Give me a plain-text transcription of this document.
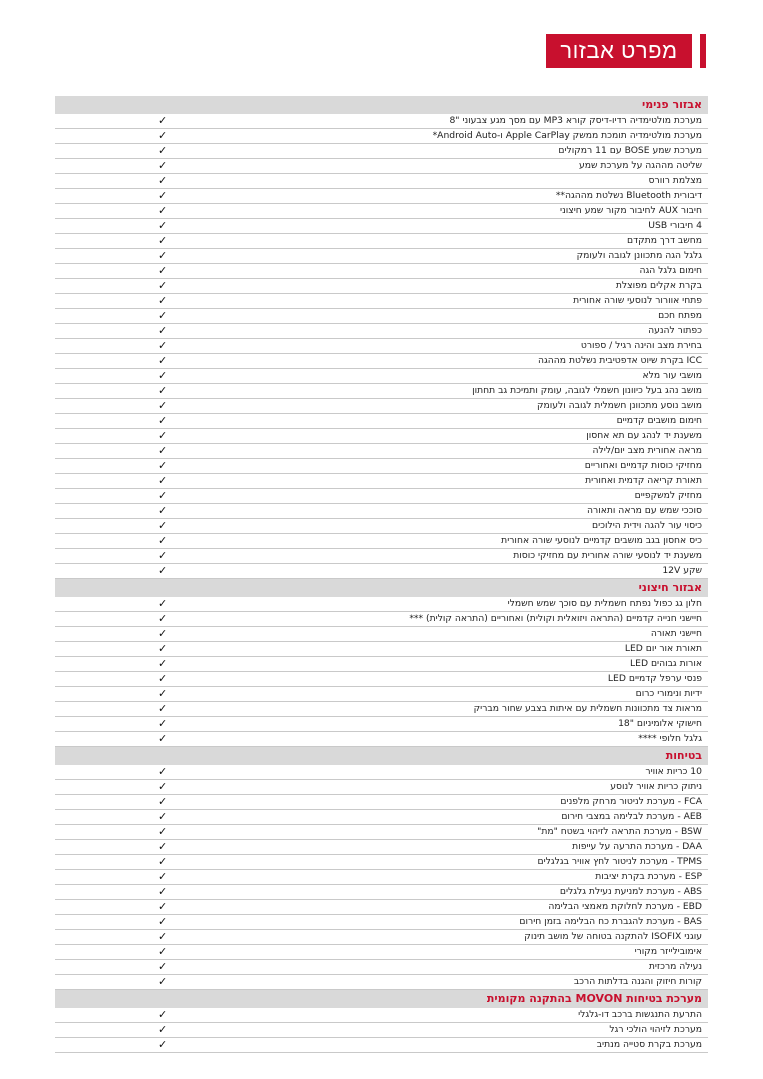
מפרט אבזור
אבזור פנימי
מערכת מולטימדיה רדיו-דיסק קורא MP3 עם מסך מגע צבעוני "8
✓
מערכת מולטימדיה תומכת ממשק Apple CarPlay ו-Android Auto*
✓
מערכת שמע BOSE עם 11 רמקולים
✓
שליטה מההגה על מערכת שמע
✓
מצלמת רוורס
✓
דיבורית Bluetooth נשלטת מההגה**
✓
חיבור AUX לחיבור מקור שמע חיצוני
✓
4 חיבורי USB
✓
מחשב דרך מתקדם
✓
גלגל הגה מתכוונן לגובה ולעומק
✓
חימום גלגל הגה
✓
בקרת אקלים מפוצלת
✓
פתחי אוורור לנוסעי שורה אחורית
✓
מפתח חכם
✓
כפתור להנעה
✓
בחירת מצב והינה רגיל / ספורט
✓
ICC בקרת שיוט אדפטיבית נשלטת מההגה
✓
מושבי עור מלא
✓
מושב נהג בעל כיוונון חשמלי לגובה, עומק ותמיכת גב תחתון
✓
מושב נוסע מתכוונן חשמלית לגובה ולעומק
✓
חימום מושבים קדמיים
✓
משענת יד לנהג עם תא אחסון
✓
מראה אחורית מצב יום/לילה
✓
מחזיקי כוסות קדמיים ואחוריים
✓
תאורת קריאה קדמית ואחורית
✓
מחזיק למשקפיים
✓
סוככי שמש עם מראה ותאורה
✓
כיסוי עור להגה וידית הילוכים
✓
כיס אחסון בגב מושבים קדמיים לנוסעי שורה אחורית
✓
משענת יד לנוסעי שורה אחורית עם מחזיקי כוסות
✓
שקע 12V
✓
אבזור חיצוני
חלון גג כפול נפתח חשמלית עם סוכך שמש חשמלי
✓
חיישני חנייה קדמיים (התראה ויזואלית וקולית) ואחוריים (התראה קולית) ***
✓
חיישני תאורה
✓
תאורת אור יום LED
✓
אורות גבוהים LED
✓
פנסי ערפל קדמיים LED
✓
ידיות ונימורי כרום
✓
מראות צד מתכוונות חשמלית עם איתות בצבע שחור מבריק
✓
חישוקי אלומיניום "18
✓
גלגל חלופי ****
✓
בטיחות
10 כריות אוויר
✓
ניתוק כריות אוויר לנוסע
✓
FCA - מערכת לניטור מרחק מלפנים
✓
AEB - מערכת לבלימה במצבי חירום
✓
BSW - מערכת התראה לזיהוי בשטח "מת"
✓
DAA - מערכת התרעה על עייפות
✓
TPMS - מערכת לניטור לחץ אוויר בגלגלים
✓
ESP - מערכת בקרת יציבות
✓
ABS - מערכת למניעת נעילת גלגלים
✓
EBD - מערכת לחלוקת מאמצי הבלימה
✓
BAS - מערכת להגברת כח הבלימה בזמן חירום
✓
עוגני ISOFIX להתקנה בטוחה של מושב תינוק
✓
אימובילייזר מקורי
✓
נעילה מרכזית
✓
קורות חיזוק והגנה בדלתות הרכב
✓
מערכת בטיחות MOVON בהתקנה מקומית
התרעת התנגשות ברכב דו-גלגלי
✓
מערכת לזיהוי הולכי רגל
✓
מערכת בקרת סטייה מנתיב
✓
